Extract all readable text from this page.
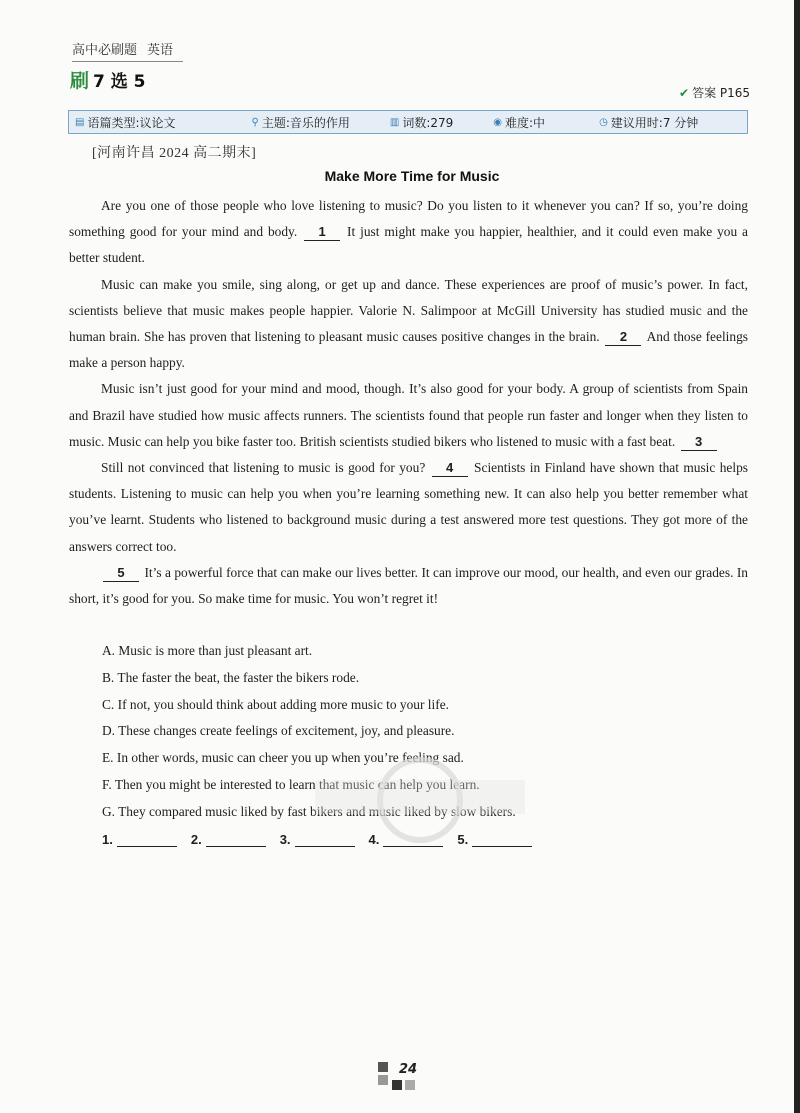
高中必刷题 英语
刷 7 选 5
✔ 答案 P165
▤ 语篇类型:议论文	⚲ 主题:音乐的作用	▥ 词数:279	◉ 难度:中	◷ 建议用时:7 分钟
[河南许昌 2024 高二期末]
Make More Time for Music

Are you one of those people who love listening to music? Do you listen to it whenever you can? If so, you’re doing something good for your mind and body. 1 It just might make you happier, healthier, and it could even make you a better student.

Music can make you smile, sing along, or get up and dance. These experiences are proof of music’s power. In fact, scientists believe that music makes people happier. Valorie N. Salimpoor at McGill University has studied music and the human brain. She has proven that listening to pleasant music causes positive changes in the brain. 2 And those feelings make a person happy.

Music isn’t just good for your mind and mood, though. It’s also good for your body. A group of scientists from Spain and Brazil have studied how music affects runners. The scientists found that people run faster and longer when they listen to music. Music can help you bike faster too. British scientists studied bikers who listened to music with a fast beat. 3

Still not convinced that listening to music is good for you? 4 Scientists in Finland have shown that music helps students. Listening to music can help you when you’re learning something new. It can also help you better remember what you’ve learnt. Students who listened to background music during a test answered more test questions. They got more of the answers correct too.

5 It’s a powerful force that can make our lives better. It can improve our mood, our health, and even our grades. In short, it’s good for you. So make time for music. You won’t regret it!

A. Music is more than just pleasant art.
B. The faster the beat, the faster the bikers rode.
C. If not, you should think about adding more music to your life.
D. These changes create feelings of excitement, joy, and pleasure.
E. In other words, music can cheer you up when you’re feeling sad.
F. Then you might be interested to learn that music can help you learn.
G. They compared music liked by fast bikers and music liked by slow bikers.
1.	2.	3.	4.	5.
24
